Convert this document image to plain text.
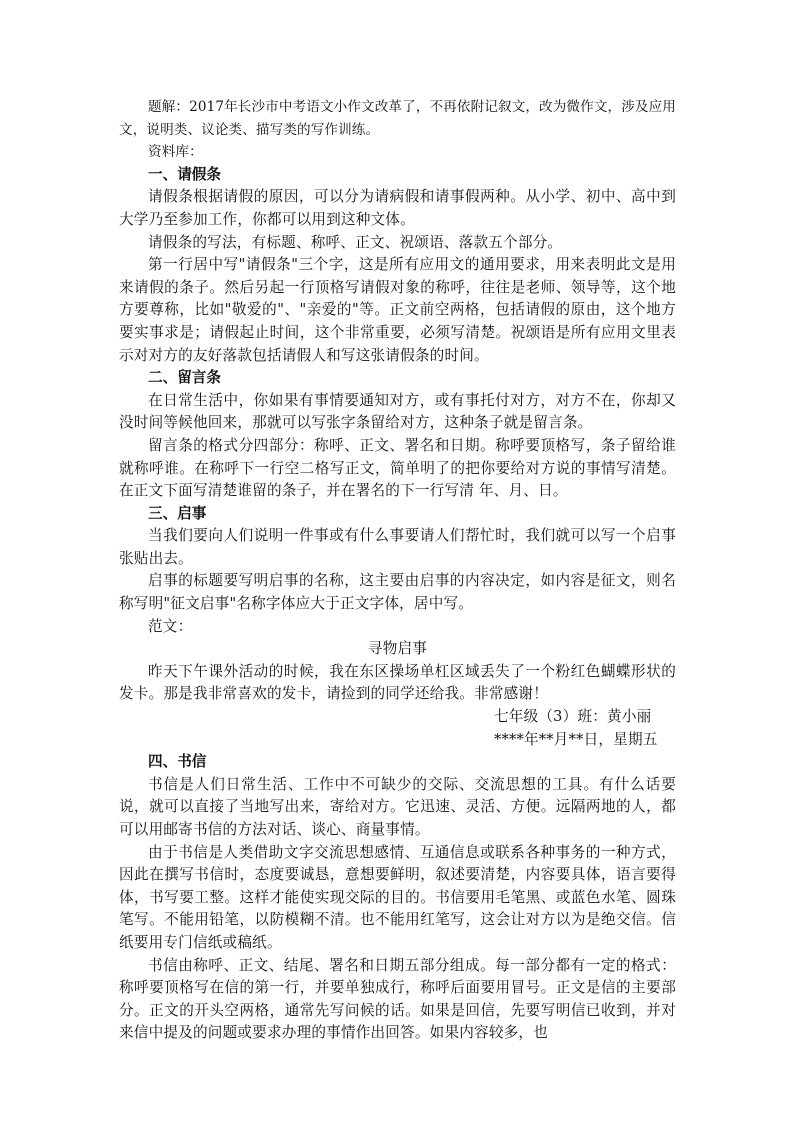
题解：2017年长沙市中考语文小作文改革了，不再依附记叙文，改为微作文，涉及应用文，说明类、议论类、描写类的写作训练。

资料库：

一、请假条

请假条根据请假的原因，可以分为请病假和请事假两种。从小学、初中、高中到大学乃至参加工作，你都可以用到这种文体。

请假条的写法，有标题、称呼、正文、祝颂语、落款五个部分。

第一行居中写"请假条"三个字，这是所有应用文的通用要求，用来表明此文是用来请假的条子。然后另起一行顶格写请假对象的称呼，往往是老师、领导等，这个地方要尊称，比如"敬爱的"、"亲爱的"等。正文前空两格，包括请假的原由，这个地方要实事求是；请假起止时间，这个非常重要，必须写清楚。祝颂语是所有应用文里表示对对方的友好落款包括请假人和写这张请假条的时间。

二、留言条

在日常生活中，你如果有事情要通知对方，或有事托付对方，对方不在，你却又没时间等候他回来，那就可以写张字条留给对方，这种条子就是留言条。

留言条的格式分四部分：称呼、正文、署名和日期。称呼要顶格写，条子留给谁就称呼谁。在称呼下一行空二格写正文，简单明了的把你要给对方说的事情写清楚。在正文下面写清楚谁留的条子，并在署名的下一行写清 年、月、日。

三、启事

当我们要向人们说明一件事或有什么事要请人们帮忙时，我们就可以写一个启事张贴出去。

启事的标题要写明启事的名称，这主要由启事的内容决定，如内容是征文，则名称写明"征文启事"名称字体应大于正文字体，居中写。

范文：

寻物启事

昨天下午课外活动的时候，我在东区操场单杠区域丢失了一个粉红色蝴蝶形状的发卡。那是我非常喜欢的发卡，请捡到的同学还给我。非常感谢！

七年级（3）班：黄小丽

****年**月**日，星期五

四、书信

书信是人们日常生活、工作中不可缺少的交际、交流思想的工具。有什么话要说，就可以直接了当地写出来，寄给对方。它迅速、灵活、方便。远隔两地的人，都可以用邮寄书信的方法对话、谈心、商量事情。

由于书信是人类借助文字交流思想感情、互通信息或联系各种事务的一种方式，因此在撰写书信时，态度要诚恳，意想要鲜明，叙述要清楚，内容要具体，语言要得体，书写要工整。这样才能使实现交际的目的。书信要用毛笔黑、或蓝色水笔、圆珠笔写。不能用铅笔，以防模糊不清。也不能用红笔写，这会让对方以为是绝交信。信纸要用专门信纸或稿纸。

书信由称呼、正文、结尾、署名和日期五部分组成。每一部分都有一定的格式：称呼要顶格写在信的第一行，并要单独成行，称呼后面要用冒号。正文是信的主要部分。正文的开头空两格，通常先写问候的话。如果是回信，先要写明信已收到，并对来信中提及的问题或要求办理的事情作出回答。如果内容较多，也
